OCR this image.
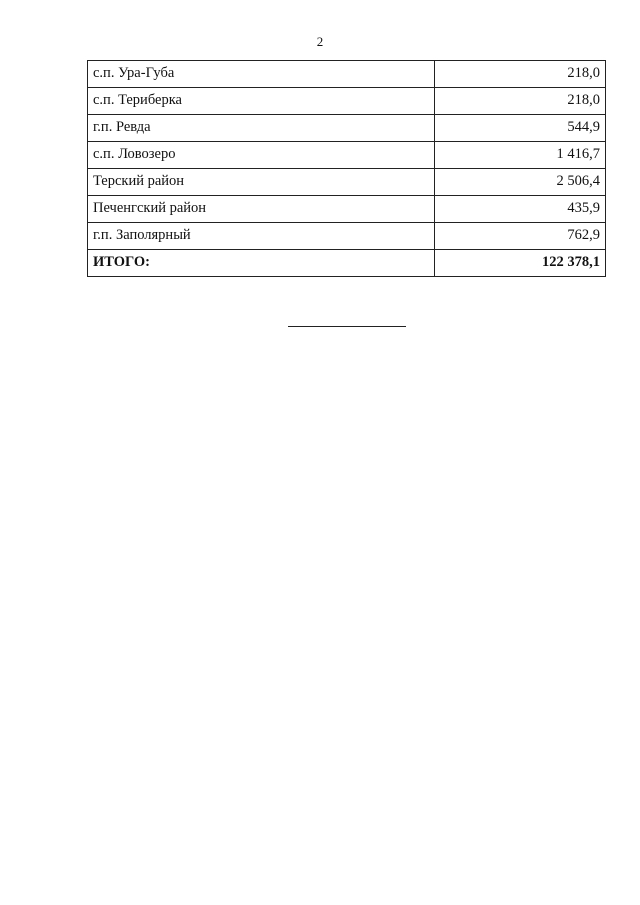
2
с.п. Ура-Губа	218,0
с.п. Териберка	218,0
г.п. Ревда	544,9
с.п. Ловозеро	1 416,7
Терский район	2 506,4
Печенгский район	435,9
г.п. Заполярный	762,9
ИТОГО:	122 378,1
